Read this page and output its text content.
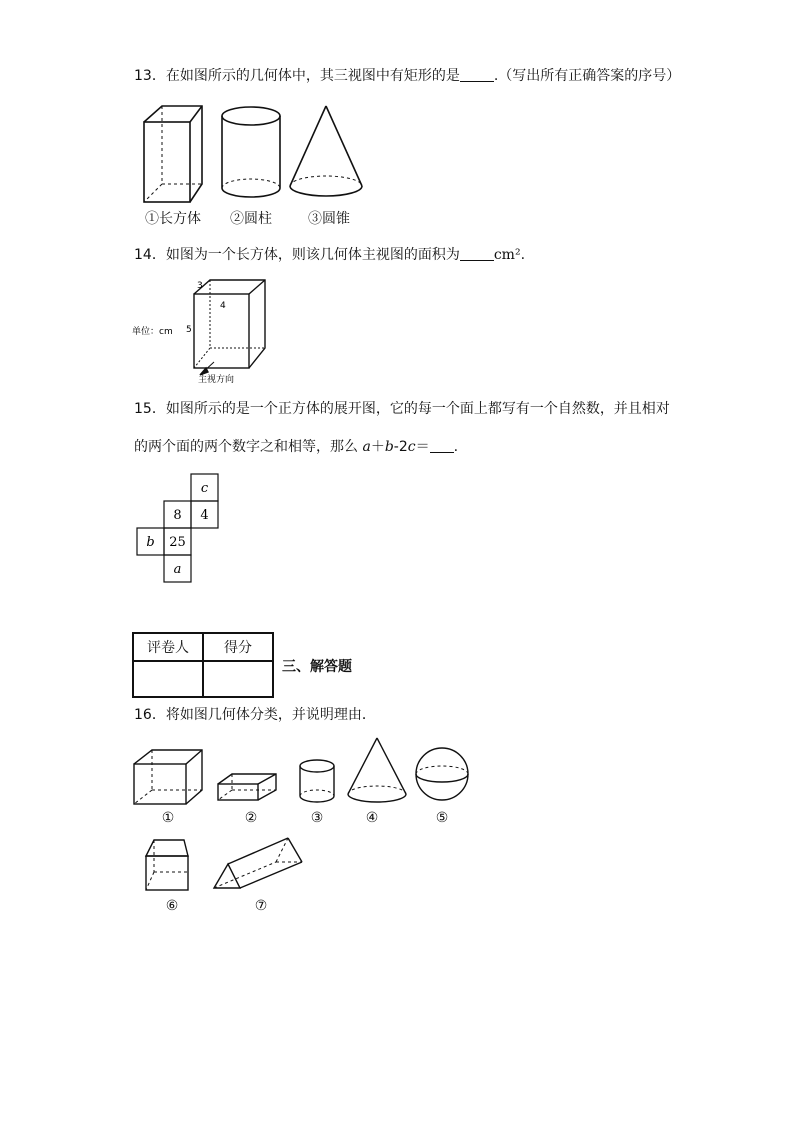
13．在如图所示的几何体中，其三视图中有矩形的是 .（写出所有正确答案的序号）
①长方体	②圆柱	③圆锥
14．如图为一个长方体，则该几何体主视图的面积为 cm².
3
4
5
单位：cm
主视方向
15．如图所示的是一个正方体的展开图，它的每一个面上都写有一个自然数，并且相对
的两个面的两个数字之和相等，那么 a＋b-2c＝ .
c
8 4
b 25
a
评卷人	得分

三、解答题
16．将如图几何体分类，并说明理由．
①	②	③	④	⑤
⑥	⑦
